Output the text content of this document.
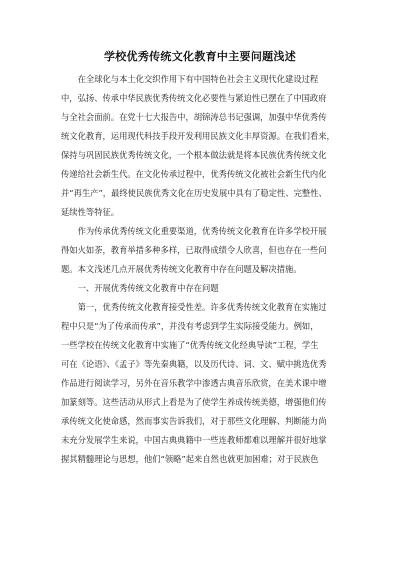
学校优秀传统文化教育中主要问题浅述
　　在全球化与本土化交织作用下有中国特色社会主义现代化建设过程
中，弘扬、传承中华民族优秀传统文化必要性与紧迫性已摆在了中国政府
与全社会面前。在党十七大报告中，胡锦涛总书记强调，加强中华优秀传
统文化教育，运用现代科技手段开发利用民族文化丰厚资源。在我们看来，
保持与巩固民族优秀传统文化，一个根本做法就是将本民族优秀传统文化
传递给社会新生代。在文化传承过程中，优秀传统文化被社会新生代内化
并“再生产”，最终使民族优秀文化在历史发展中具有了稳定性、完整性、
延续性等特征。
　　作为传承优秀传统文化重要渠道，优秀传统文化教育在许多学校开展
得如火如荼，教育举措多种多样，已取得成绩令人欣喜，但也存在一些问
题。本文浅述几点开展优秀传统文化教育中存在问题及解决措施。
　　一、开展优秀传统文化教育中存在问题
　　第一，优秀传统文化教育接受性差。许多优秀传统文化教育在实施过
程中只是“为了传承而传承”，并没有考虑到学生实际接受能力。例如，
一些学校在传统文化教育中实施了“优秀传统文化经典导读”工程，学生
可在《论语》、《孟子》等先秦典籍，以及历代诗、词、文、赋中挑选优秀
作品进行阅读学习，另外在音乐教学中渗透古典音乐欣赏，在美术课中增
加篆刻等。这些活动从形式上看是为了使学生养成传统美德，增强他们传
承传统文化使命感，然而事实告诉我们，对于那些文化理解、判断能力尚
未充分发展学生来说，中国古典典籍中一些连教师都难以理解并很好地掌
握其精髓理论与思想，他们“领略”起来自然也就更加困难；对于民族色
